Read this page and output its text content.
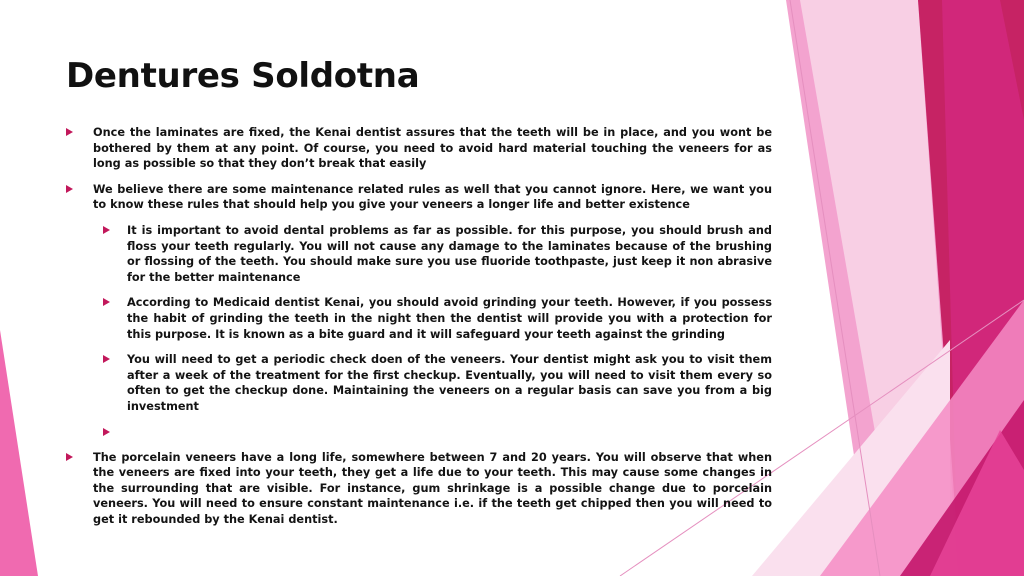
Dentures Soldotna
Once the laminates are fixed, the Kenai dentist assures that the teeth will be in place, and you wont be bothered by them at any point. Of course, you need to avoid hard material touching the veneers for as long as possible so that they don’t break that easily
We believe there are some maintenance related rules as well that you cannot ignore. Here, we want you to know these rules that should help you give your veneers a longer life and better existence
It is important to avoid dental problems as far as possible. for this purpose, you should brush and floss your teeth regularly. You will not cause any damage to the laminates because of the brushing or flossing of the teeth. You should make sure you use fluoride toothpaste, just keep it non abrasive for the better maintenance
According to Medicaid dentist Kenai, you should avoid grinding your teeth. However, if you possess the habit of grinding the teeth in the night then the dentist will provide you with a protection for this purpose. It is known as a bite guard and it will safeguard your teeth against the grinding
You will need to get a periodic check doen of the veneers. Your dentist might ask you to visit them after a week of the treatment for the first checkup. Eventually, you will need to visit them every so often to get the checkup done. Maintaining the veneers on a regular basis can save you from a big investment
The porcelain veneers have a long life, somewhere between 7 and 20 years. You will observe that when the veneers are fixed into your teeth, they get a life due to your teeth. This may cause some changes in the surrounding that are visible. For instance, gum shrinkage is a possible change due to porcelain veneers. You will need to ensure constant maintenance i.e. if the teeth get chipped then you will need to get it rebounded by the Kenai dentist.
